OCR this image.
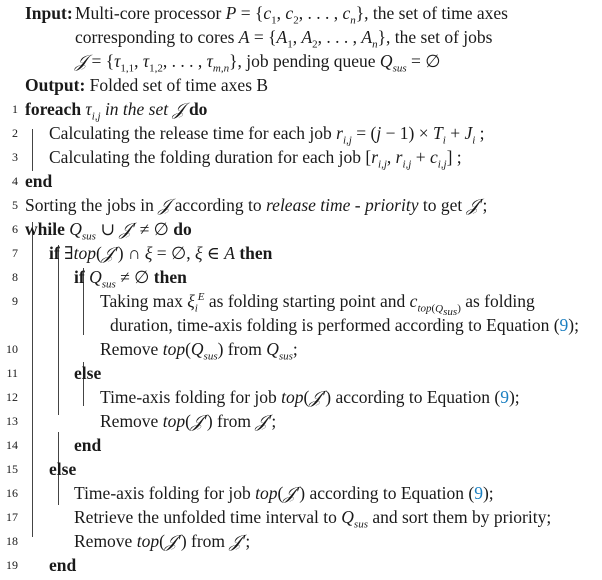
Input: Multi-core processor $P = \{c_1$, $c_2$, . . . , $c_n$}, the set of time axes
corresponding to cores $A = \{A_1$, $A_2$, . . . , $A_n$}, the set of jobs
𝒥 = {$\tau_{1,1}$, $\tau_{1,2}$, . . . , $\tau_{m,n}$}, job pending queue $Q_{sus}$ = ∅
Output: Folded set of time axes B
1 foreach $\tau_{i,j}$ in the set 𝒥 do
2 Calculating the release time for each job $r_{i,j} = (j - 1) \times T_i + J_i$ ;
3 Calculating the folding duration for each job [$r_{i,j}$, $r_{i,j} + c_{i,j}$] ;
4 end
5 Sorting the jobs in 𝒥 according to release time - priority to get 𝒥′;
6 while $Q_{sus}$ ∪ 𝒥′ ≠ ∅ do
7 if ∃top(𝒥′) ∩ ξ = ∅, ξ ∈ A then
8	if $Q_{sus}$ ≠ ∅ then
9	Taking $\max \xi_i^E$ as folding starting point and $c_{top(Q_{sus})}$ as folding
duration, time-axis folding is performed according to Equation (9);
10	Remove $top(Q_{sus})$ from $Q_{sus}$;
11	else
12	Time-axis folding for job top(𝒥′) according to Equation (9);
13	Remove top(𝒥′) from 𝒥′;
14	end
15 else
16	Time-axis folding for job top(𝒥′) according to Equation (9);
17	Retrieve the unfolded time interval to $Q_{sus}$ and sort them by priority;
18	Remove top(𝒥′) from 𝒥′;
19 end
